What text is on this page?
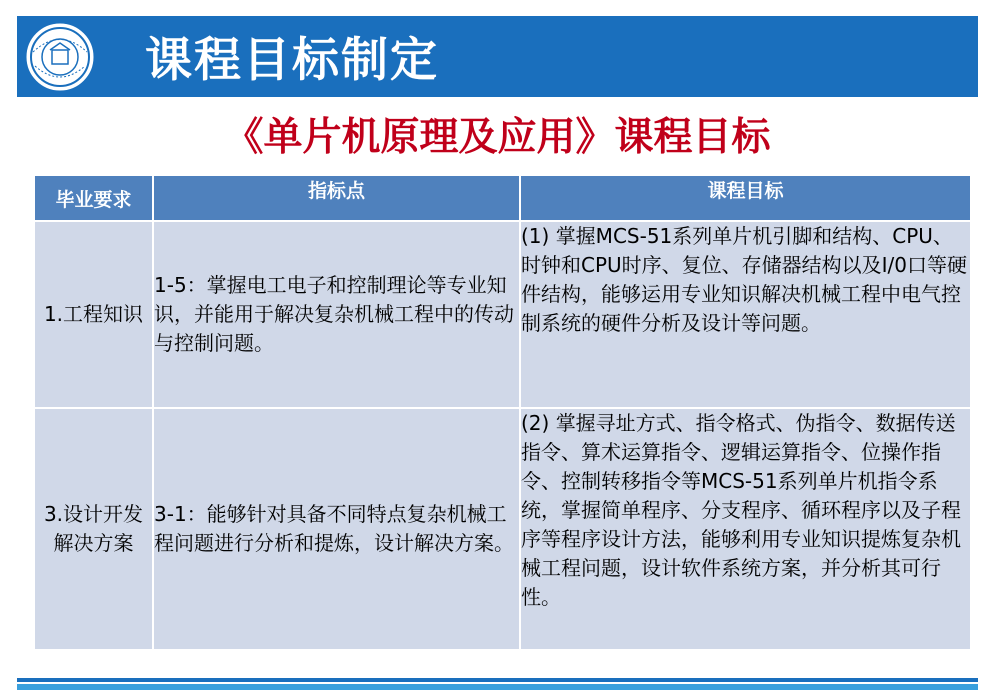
课程目标制定
《单片机原理及应用》课程目标
毕业要求	指标点	课程目标
1.工程知识	1-5：掌握电工电子和控制理论等专业知识，并能用于解决复杂机械工程中的传动与控制问题。	(1) 掌握MCS-51系列单片机引脚和结构、CPU、时钟和CPU时序、复位、存储器结构以及I/0口等硬件结构，能够运用专业知识解决机械工程中电气控制系统的硬件分析及设计等问题。
3.设计开发解决方案	3-1：能够针对具备不同特点复杂机械工程问题进行分析和提炼，设计解决方案。	(2) 掌握寻址方式、指令格式、伪指令、数据传送指令、算术运算指令、逻辑运算指令、位操作指令、控制转移指令等MCS-51系列单片机指令系统，掌握简单程序、分支程序、循环程序以及子程序等程序设计方法，能够利用专业知识提炼复杂机械工程问题，设计软件系统方案，并分析其可行性。
